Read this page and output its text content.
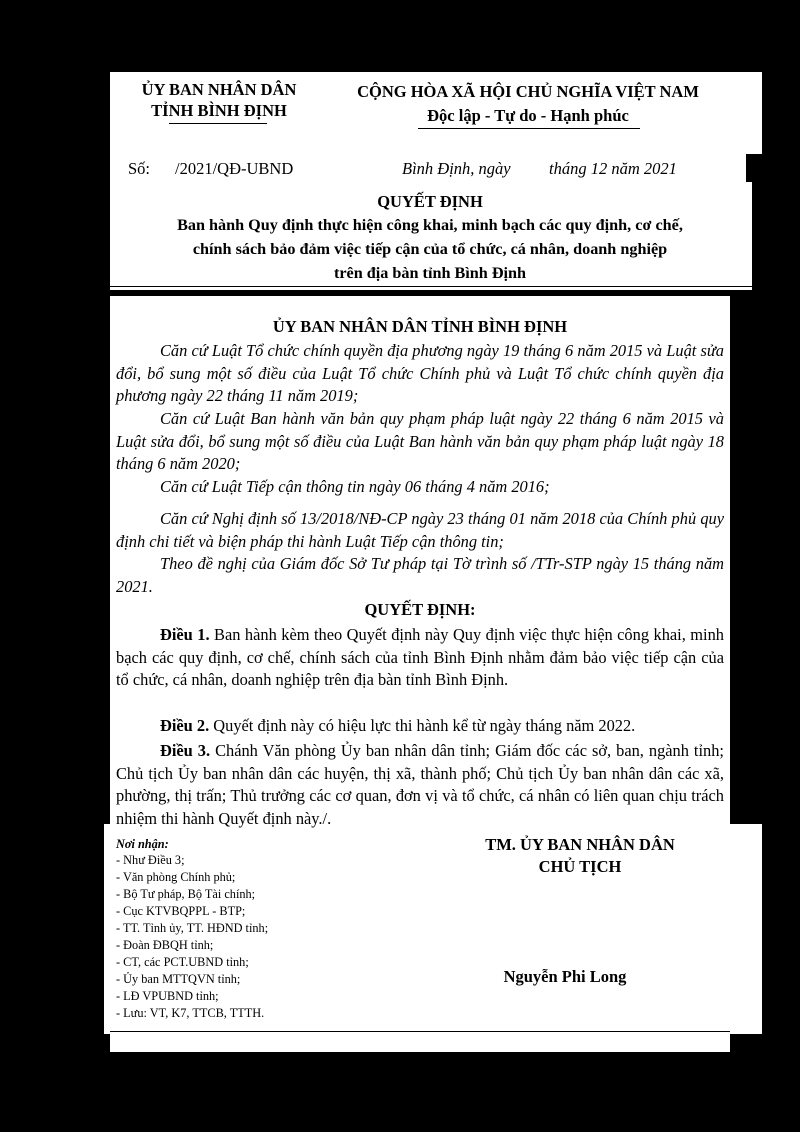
ỦY BAN NHÂN DÂN
TỈNH BÌNH ĐỊNH
CỘNG HÒA XÃ HỘI CHỦ NGHĨA VIỆT NAM
Độc lập - Tự do - Hạnh phúc
Số: /2021/QĐ-UBND	Bình Định, ngày tháng 12 năm 2021
QUYẾT ĐỊNH
Ban hành Quy định thực hiện công khai, minh bạch các quy định, cơ chế,
chính sách bảo đảm việc tiếp cận của tổ chức, cá nhân, doanh nghiệp
trên địa bàn tỉnh Bình Định
ỦY BAN NHÂN DÂN TỈNH BÌNH ĐỊNH
Căn cứ Luật Tổ chức chính quyền địa phương ngày 19 tháng 6 năm 2015 và Luật sửa đổi, bổ sung một số điều của Luật Tổ chức Chính phủ và Luật Tổ chức chính quyền địa phương ngày 22 tháng 11 năm 2019;
Căn cứ Luật Ban hành văn bản quy phạm pháp luật ngày 22 tháng 6 năm 2015 và Luật sửa đổi, bổ sung một số điều của Luật Ban hành văn bản quy phạm pháp luật ngày 18 tháng 6 năm 2020;
Căn cứ Luật Tiếp cận thông tin ngày 06 tháng 4 năm 2016;
Căn cứ Nghị định số 13/2018/NĐ-CP ngày 23 tháng 01 năm 2018 của Chính phủ quy định chi tiết và biện pháp thi hành Luật Tiếp cận thông tin;
Theo đề nghị của Giám đốc Sở Tư pháp tại Tờ trình số /TTr-STP ngày 15 tháng năm 2021.
QUYẾT ĐỊNH:
Điều 1. Ban hành kèm theo Quyết định này Quy định việc thực hiện công khai, minh bạch các quy định, cơ chế, chính sách của tỉnh Bình Định nhằm đảm bảo việc tiếp cận của tổ chức, cá nhân, doanh nghiệp trên địa bàn tỉnh Bình Định.
Điều 2. Quyết định này có hiệu lực thi hành kể từ ngày tháng năm 2022.
Điều 3. Chánh Văn phòng Ủy ban nhân dân tỉnh; Giám đốc các sở, ban, ngành tỉnh; Chủ tịch Ủy ban nhân dân các huyện, thị xã, thành phố; Chủ tịch Ủy ban nhân dân các xã, phường, thị trấn; Thủ trưởng các cơ quan, đơn vị và tổ chức, cá nhân có liên quan chịu trách nhiệm thi hành Quyết định này./.
Nơi nhận:
- Như Điều 3;
- Văn phòng Chính phủ;
- Bộ Tư pháp, Bộ Tài chính;
- Cục KTVBQPPL - BTP;
- TT. Tỉnh ủy, TT. HĐND tỉnh;
- Đoàn ĐBQH tỉnh;
- CT, các PCT.UBND tỉnh;
- Ủy ban MTTQVN tỉnh;
- LĐ VPUBND tỉnh;
- Lưu: VT, K7, TTCB, TTTH.
TM. ỦY BAN NHÂN DÂN
CHỦ TỊCH
Nguyễn Phi Long
